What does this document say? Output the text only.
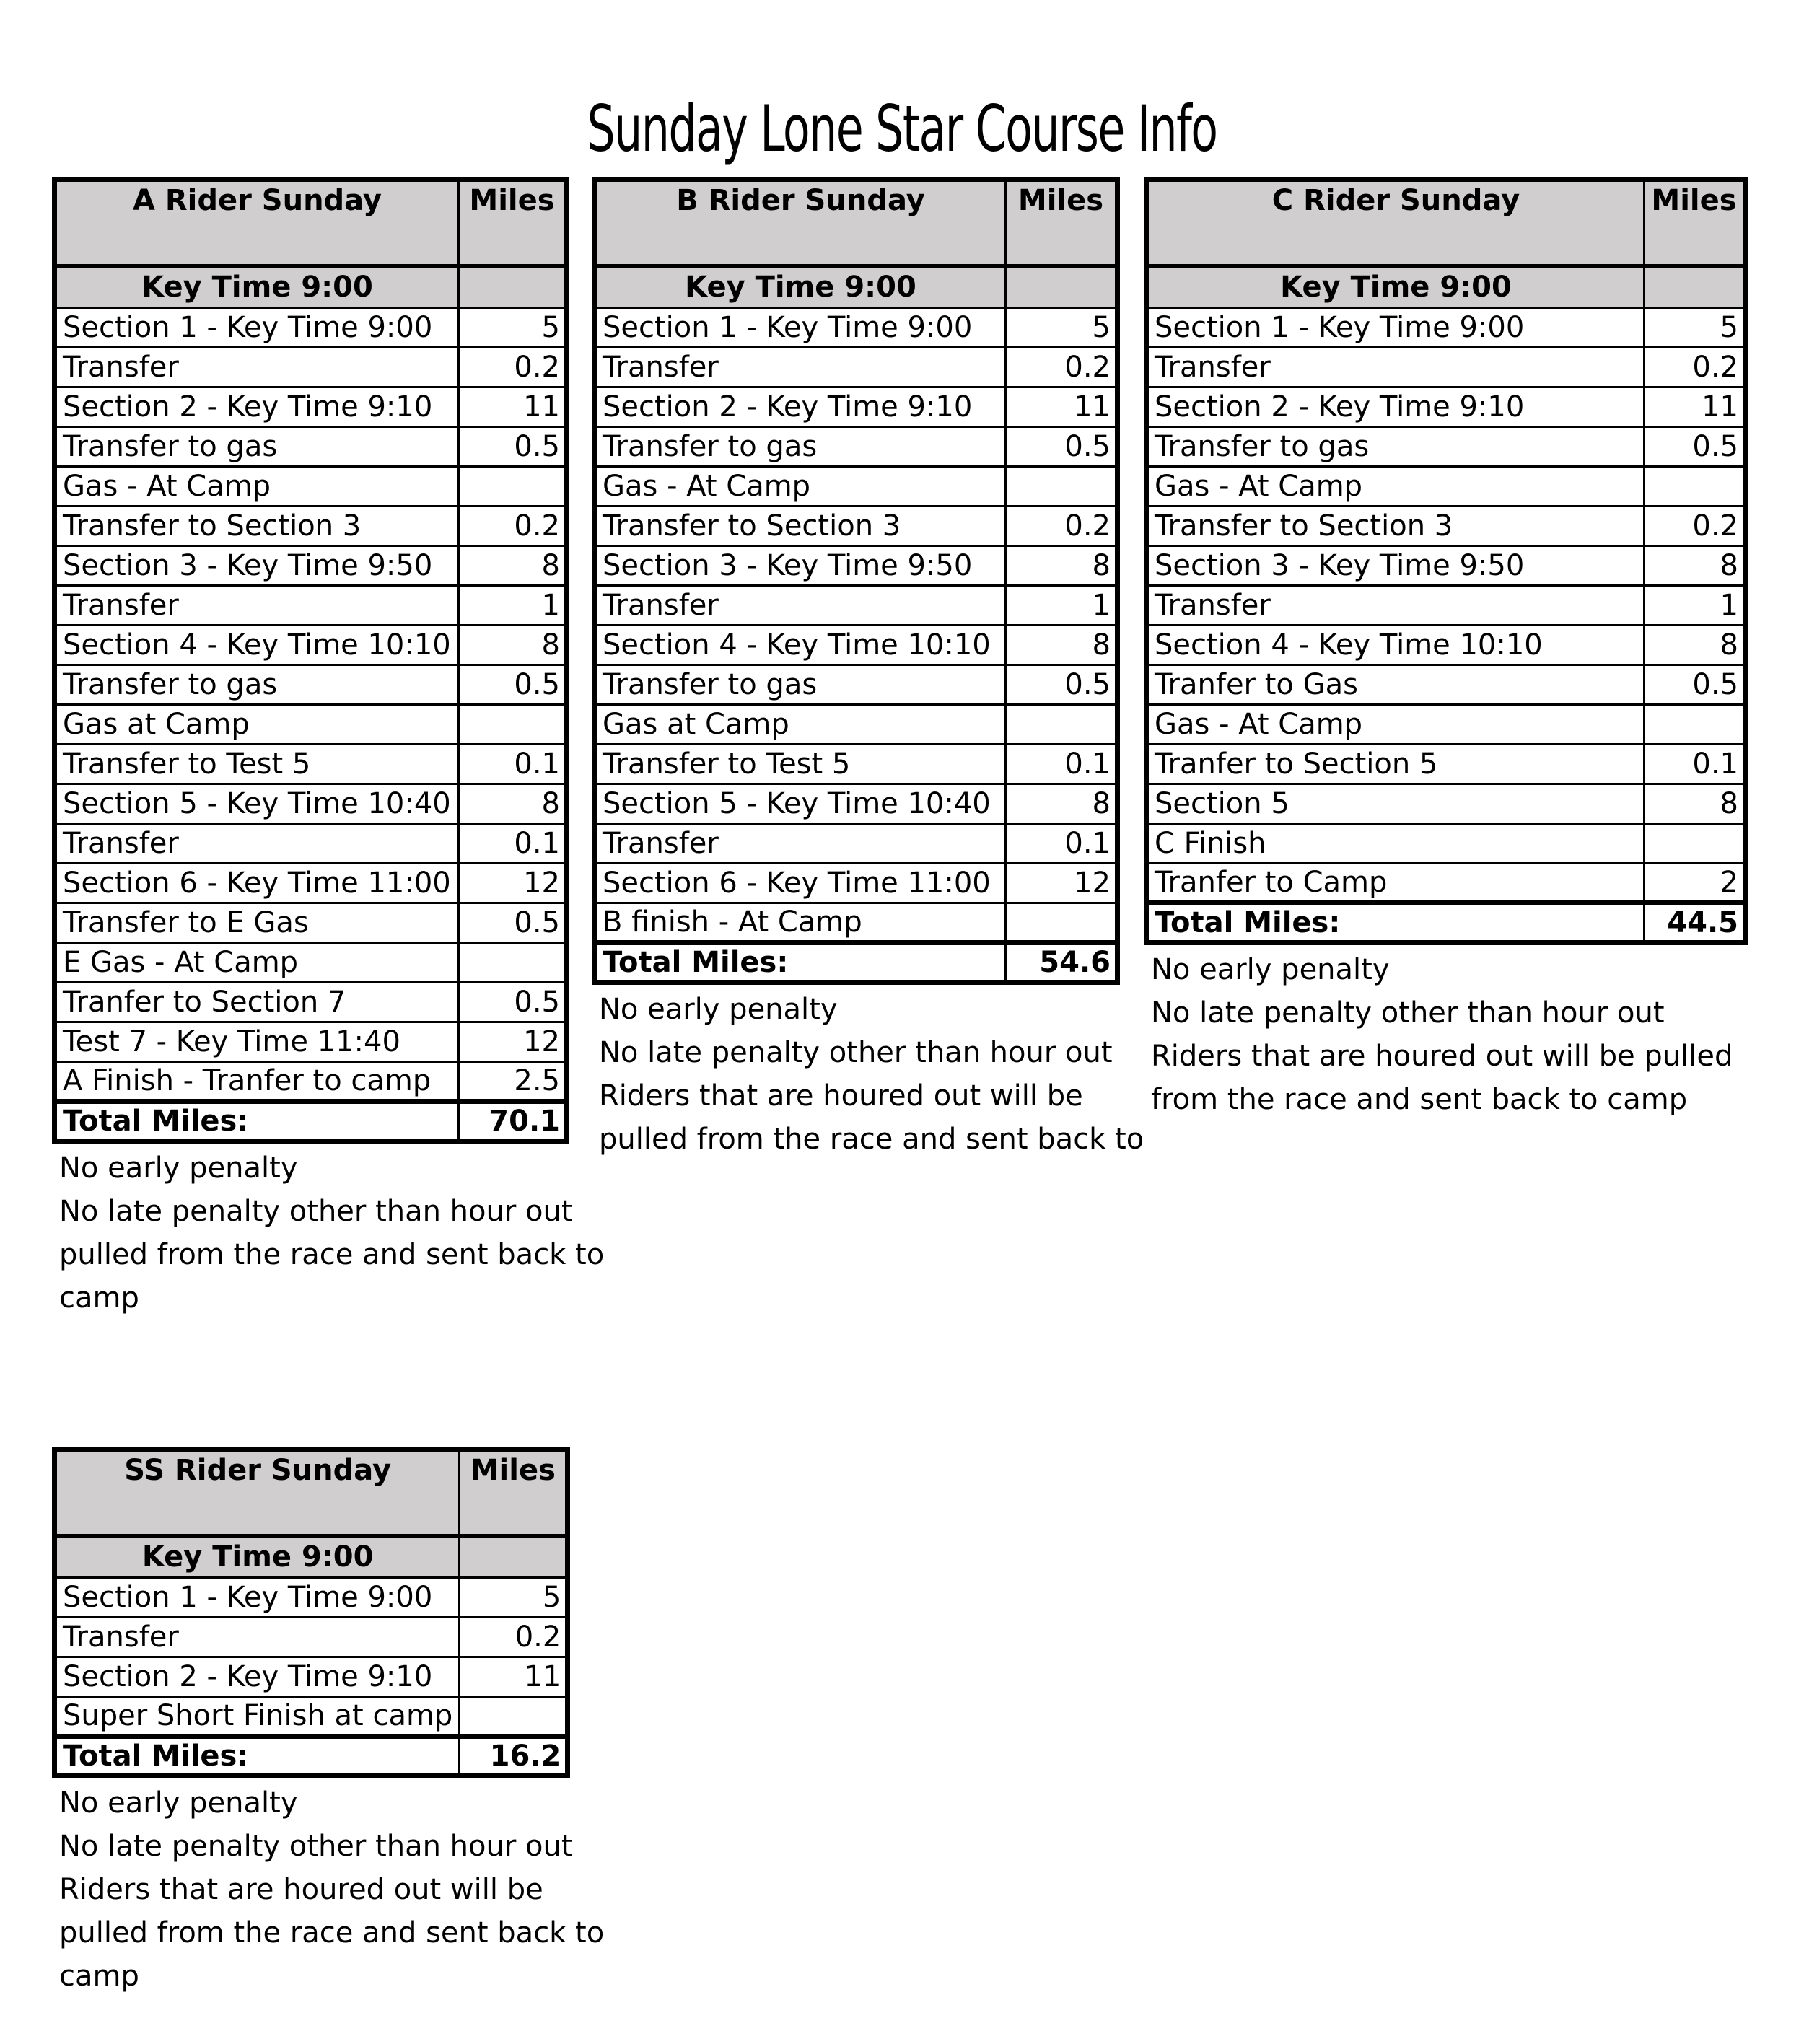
Sunday Lone Star Course Info
A Rider Sunday	Miles
Key Time 9:00	
Section 1 - Key Time 9:00	5
Transfer	0.2
Section 2 - Key Time 9:10	11
Transfer to gas	0.5
Gas - At Camp	
Transfer to Section 3	0.2
Section 3 - Key Time 9:50	8
Transfer	1
Section 4 - Key Time 10:10	8
Transfer to gas	0.5
Gas at Camp	
Transfer to Test 5	0.1
Section 5 - Key Time 10:40	8
Transfer	0.1
Section 6 - Key Time 11:00	12
Transfer to E Gas	0.5
E Gas - At Camp	
Tranfer to Section 7	0.5
Test 7 - Key Time 11:40	12
A Finish - Tranfer to camp	2.5
Total Miles:	70.1

No early penalty

No late penalty other than hour out

pulled from the race and sent back to

camp

B Rider Sunday	Miles
Key Time 9:00	
Section 1 - Key Time 9:00	5
Transfer	0.2
Section 2 - Key Time 9:10	11
Transfer to gas	0.5
Gas - At Camp	
Transfer to Section 3	0.2
Section 3 - Key Time 9:50	8
Transfer	1
Section 4 - Key Time 10:10	8
Transfer to gas	0.5
Gas at Camp	
Transfer to Test 5	0.1
Section 5 - Key Time 10:40	8
Transfer	0.1
Section 6 - Key Time 11:00	12
B finish - At Camp	
Total Miles:	54.6

No early penalty

No late penalty other than hour out

Riders that are houred out will be

pulled from the race and sent back to

C Rider Sunday	Miles
Key Time 9:00	
Section 1 - Key Time 9:00	5
Transfer	0.2
Section 2 - Key Time 9:10	11
Transfer to gas	0.5
Gas - At Camp	
Transfer to Section 3	0.2
Section 3 - Key Time 9:50	8
Transfer	1
Section 4 - Key Time 10:10	8
Tranfer to Gas	0.5
Gas - At Camp	
Tranfer to Section 5	0.1
Section 5	8
C Finish	
Tranfer to Camp	2
Total Miles:	44.5

No early penalty

No late penalty other than hour out

Riders that are houred out will be pulled

from the race and sent back to camp

SS Rider Sunday	Miles
Key Time 9:00	
Section 1 - Key Time 9:00	5
Transfer	0.2
Section 2 - Key Time 9:10	11
Super Short Finish at camp	
Total Miles:	16.2

No early penalty

No late penalty other than hour out

Riders that are houred out will be

pulled from the race and sent back to

camp
